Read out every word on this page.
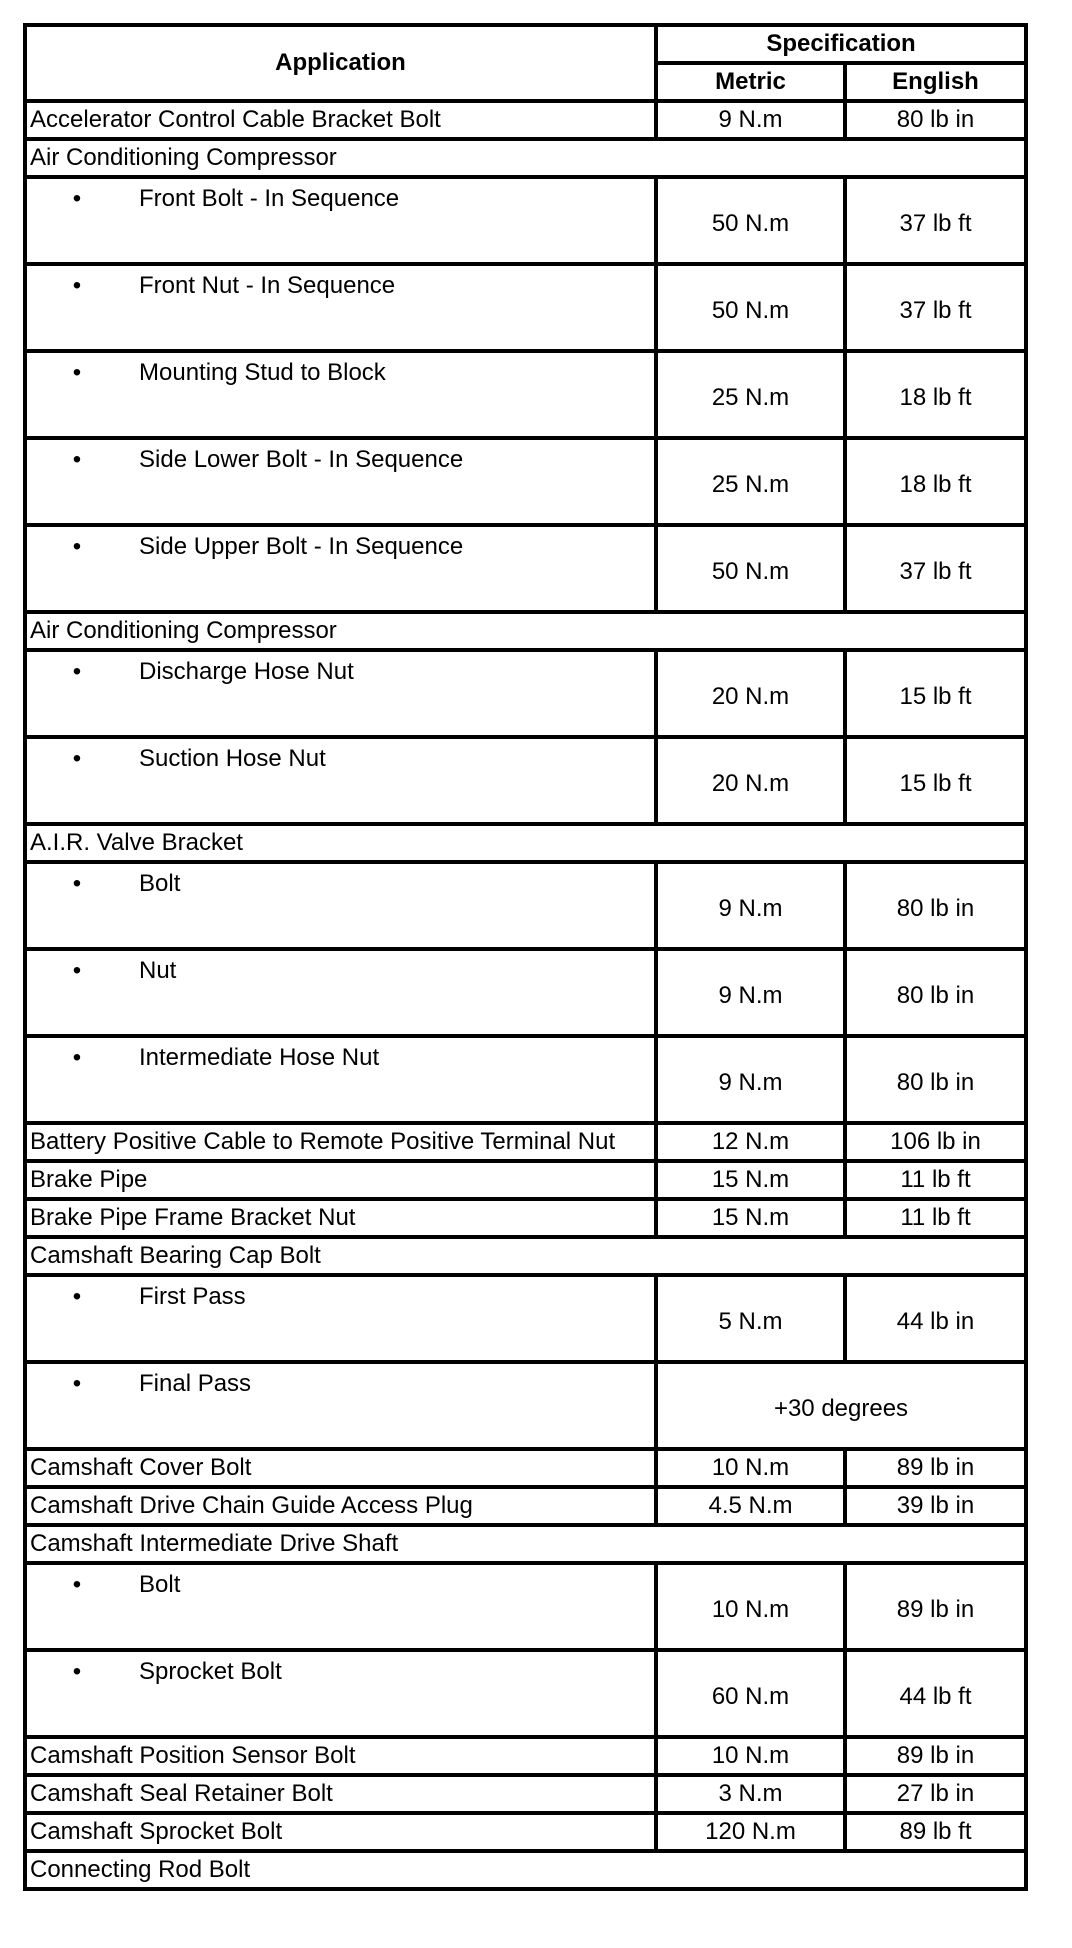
Application	Specification	
	Metric	English
Accelerator Control Cable Bracket Bolt	9 N.m	80 lb in
Air Conditioning Compressor		

• Front Bolt - In Sequence	50 N.m	37 lb ft

• Front Nut - In Sequence	50 N.m	37 lb ft

• Mounting Stud to Block	25 N.m	18 lb ft

• Side Lower Bolt - In Sequence	25 N.m	18 lb ft

• Side Upper Bolt - In Sequence	50 N.m	37 lb ft
Air Conditioning Compressor		

• Discharge Hose Nut	20 N.m	15 lb ft

• Suction Hose Nut	20 N.m	15 lb ft
A.I.R. Valve Bracket		

• Bolt	9 N.m	80 lb in

• Nut	9 N.m	80 lb in

• Intermediate Hose Nut	9 N.m	80 lb in
Battery Positive Cable to Remote Positive Terminal Nut	12 N.m	106 lb in
Brake Pipe	15 N.m	11 lb ft
Brake Pipe Frame Bracket Nut	15 N.m	11 lb ft
Camshaft Bearing Cap Bolt		

• First Pass	5 N.m	44 lb in

• Final Pass	+30 degrees	
Camshaft Cover Bolt	10 N.m	89 lb in
Camshaft Drive Chain Guide Access Plug	4.5 N.m	39 lb in
Camshaft Intermediate Drive Shaft		

• Bolt	10 N.m	89 lb in

• Sprocket Bolt	60 N.m	44 lb ft
Camshaft Position Sensor Bolt	10 N.m	89 lb in
Camshaft Seal Retainer Bolt	3 N.m	27 lb in
Camshaft Sprocket Bolt	120 N.m	89 lb ft
Connecting Rod Bolt		
